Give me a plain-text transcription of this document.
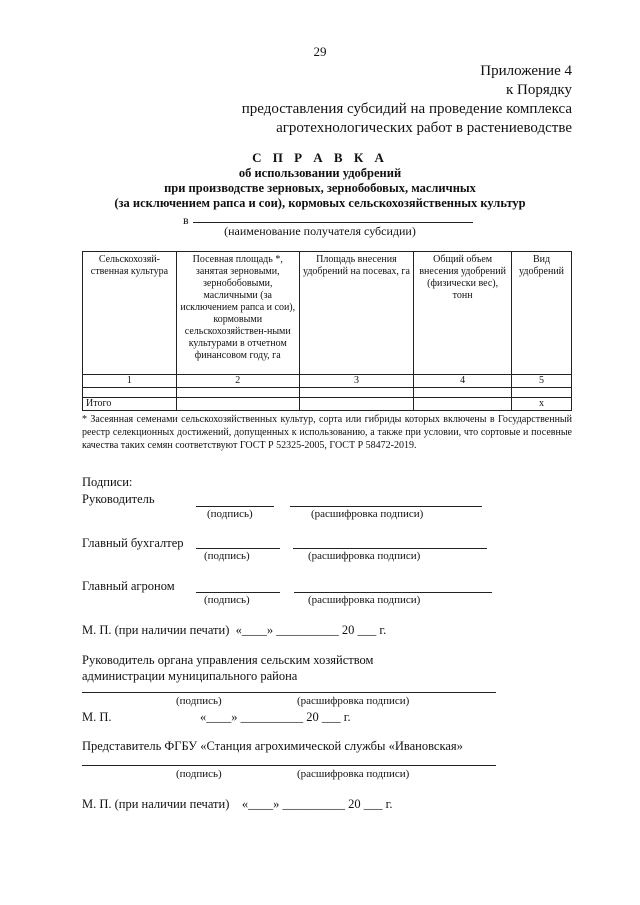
29
Приложение 4
к Порядку
предоставления субсидий на проведение комплекса
агротехнологических работ в растениеводстве
С П Р А В К А
об использовании удобрений
при производстве зерновых, зернобобовых, масличных
(за исключением рапса и сои), кормовых сельскохозяйственных культур
в
(наименование получателя субсидии)
Сельскохозяй-ственная культура	Посевная площадь *, занятая зерновыми, зернобобовыми, масличными (за исключением рапса и сои), кормовыми сельскохозяйствен-ными культурами в отчетном финансовом году, га	Площадь внесения удобрений на посевах, га	Общий объем внесения удобрений (физически вес), тонн	Вид удобрений
1	2	3	4	5

Итого				x
* Засеянная семенами сельскохозяйственных культур, сорта или гибриды которых включены в Государственный реестр селекционных достижений, допущенных к использованию, а также при условии, что сортовые и посевные качества таких семян соответствуют ГОСТ Р 52325-2005, ГОСТ Р 58472-2019.
Подписи:
Руководитель
(подпись)	(расшифровка подписи)
Главный бухгалтер
(подпись)	(расшифровка подписи)
Главный агроном
(подпись)	(расшифровка подписи)
М. П. (при наличии печати)  «____» __________ 20 ___ г.
Руководитель органа управления сельским хозяйством
администрации муниципального района
(подпись)	(расшифровка подписи)
М. П.	«____» __________ 20 ___ г.
Представитель ФГБУ «Станция агрохимической службы «Ивановская»
(подпись)	(расшифровка подписи)
М. П. (при наличии печати)    «____» __________ 20 ___ г.
